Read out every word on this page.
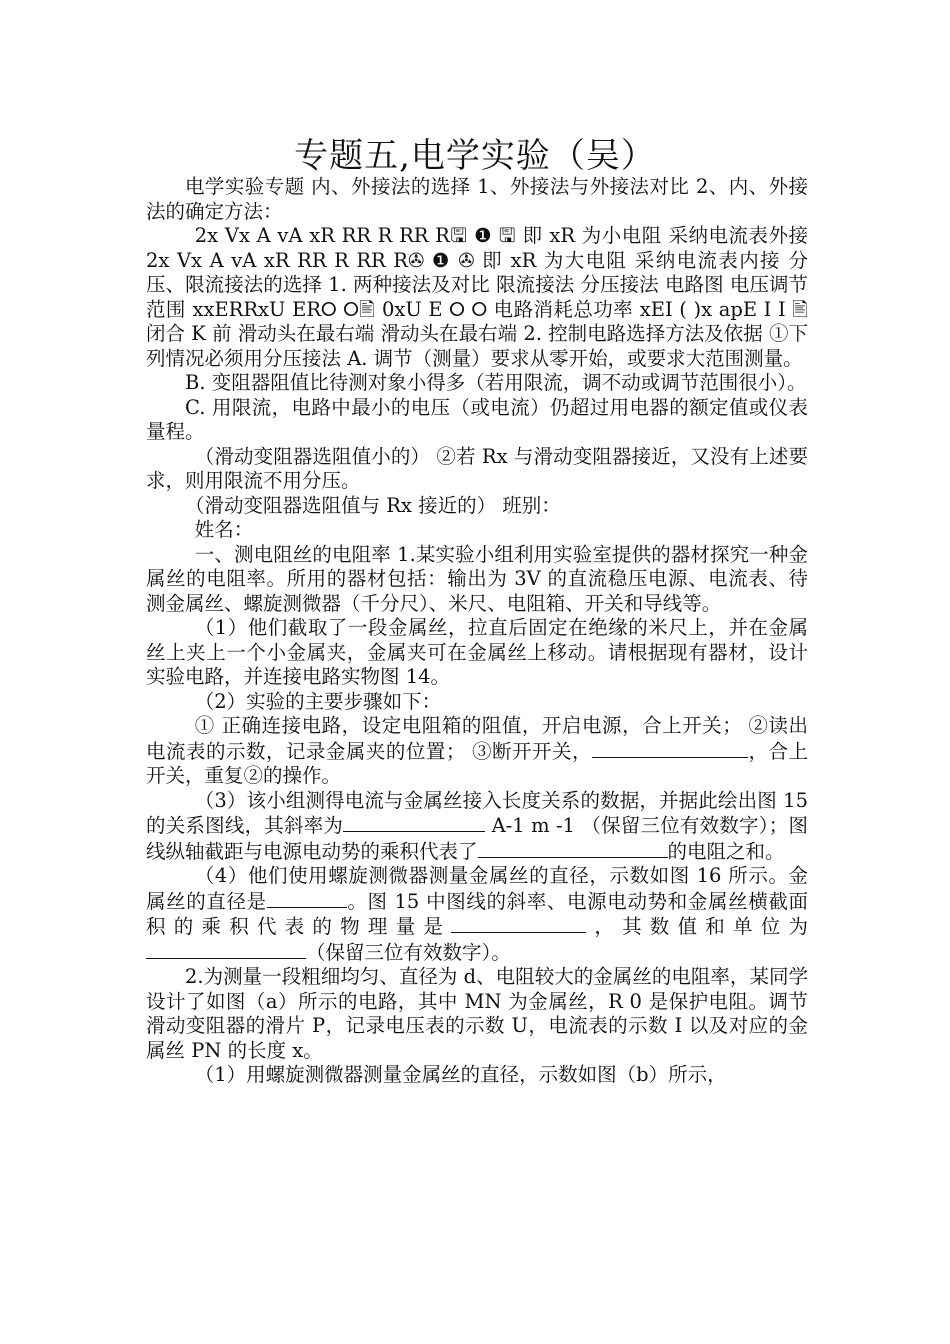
专题五,电学实验（吴）

电学实验专题 内、外接法的选择 1、外接法与外接法对比 2、内、外接法的确定方法：

2x Vx A vA xR RR R RR R🖫 ❶ 🖫 即 xR 为小电阻 采纳电流表外接 2x Vx A vA xR RR R RR R✇ ❶ ✇ 即 xR 为大电阻 采纳电流表内接 分压、限流接法的选择 1. 两种接法及对比 限流接法 分压接法 电路图 电压调节范围 xxERRxU ER⭘ ⭘🖹 0xU E ⭘ ⭘ 电路消耗总功率 xEI ( )x apE I I 🖹 闭合 K 前 滑动头在最右端 滑动头在最右端 2. 控制电路选择方法及依据 ①下列情况必须用分压接法 A. 调节（测量）要求从零开始，或要求大范围测量。

B. 变阻器阻值比待测对象小得多（若用限流，调不动或调节范围很小）。

C. 用限流，电路中最小的电压（或电流）仍超过用电器的额定值或仪表量程。

（滑动变阻器选阻值小的） ②若 Rx 与滑动变阻器接近，又没有上述要求，则用限流不用分压。

（滑动变阻器选阻值与 Rx 接近的） 班别：

姓名：

一、测电阻丝的电阻率 1.某实验小组利用实验室提供的器材探究一种金属丝的电阻率。所用的器材包括：输出为 3V 的直流稳压电源、电流表、待测金属丝、螺旋测微器（千分尺）、米尺、电阻箱、开关和导线等。

（1）他们截取了一段金属丝，拉直后固定在绝缘的米尺上，并在金属丝上夹上一个小金属夹，金属夹可在金属丝上移动。请根据现有器材，设计实验电路，并连接电路实物图 14。

（2）实验的主要步骤如下：

① 正确连接电路，设定电阻箱的阻值，开启电源，合上开关； ②读出电流表的示数，记录金属夹的位置； ③断开开关，	，合上开关，重复②的操作。

（3）该小组测得电流与金属丝接入长度关系的数据，并据此绘出图 15 的关系图线，其斜率为	A-1 m -1 （保留三位有效数字）；图线纵轴截距与电源电动势的乘积代表了	的电阻之和。

（4）他们使用螺旋测微器测量金属丝的直径，示数如图 16 所示。金属丝的直径是	。图 15 中图线的斜率、电源电动势和金属丝横截面积的乘积代表的物理量是	，其数值和单位为（保留三位有效数字）。

2.为测量一段粗细均匀、直径为 d、电阻较大的金属丝的电阻率，某同学设计了如图（a）所示的电路，其中 MN 为金属丝，R 0 是保护电阻。调节滑动变阻器的滑片 P，记录电压表的示数 U，电流表的示数 I 以及对应的金属丝 PN 的长度 x。

（1）用螺旋测微器测量金属丝的直径，示数如图（b）所示，
